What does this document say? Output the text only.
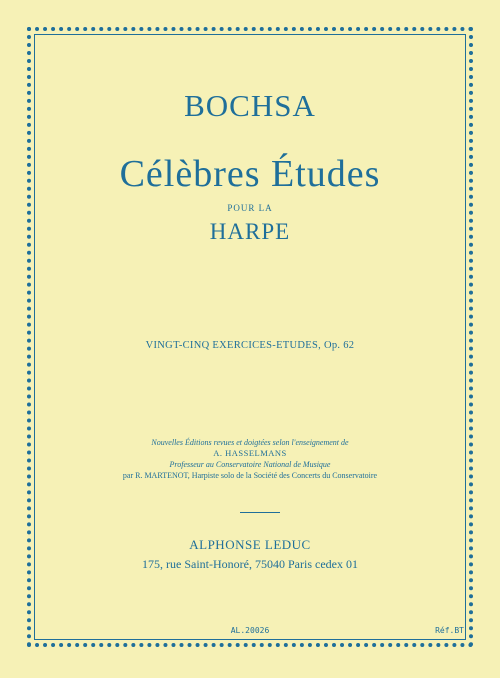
BOCHSA
Célèbres Études
POUR LA
HARPE
VINGT-CINQ EXERCICES-ETUDES, Op. 62
Nouvelles Éditions revues et doigtées selon l'enseignement de
A. HASSELMANS
Professeur au Conservatoire National de Musique
par R. MARTENOT, Harpiste solo de la Société des Concerts du Conservatoire
ALPHONSE LEDUC
175, rue Saint-Honoré, 75040 Paris cedex 01
AL.20026	Réf.BT
